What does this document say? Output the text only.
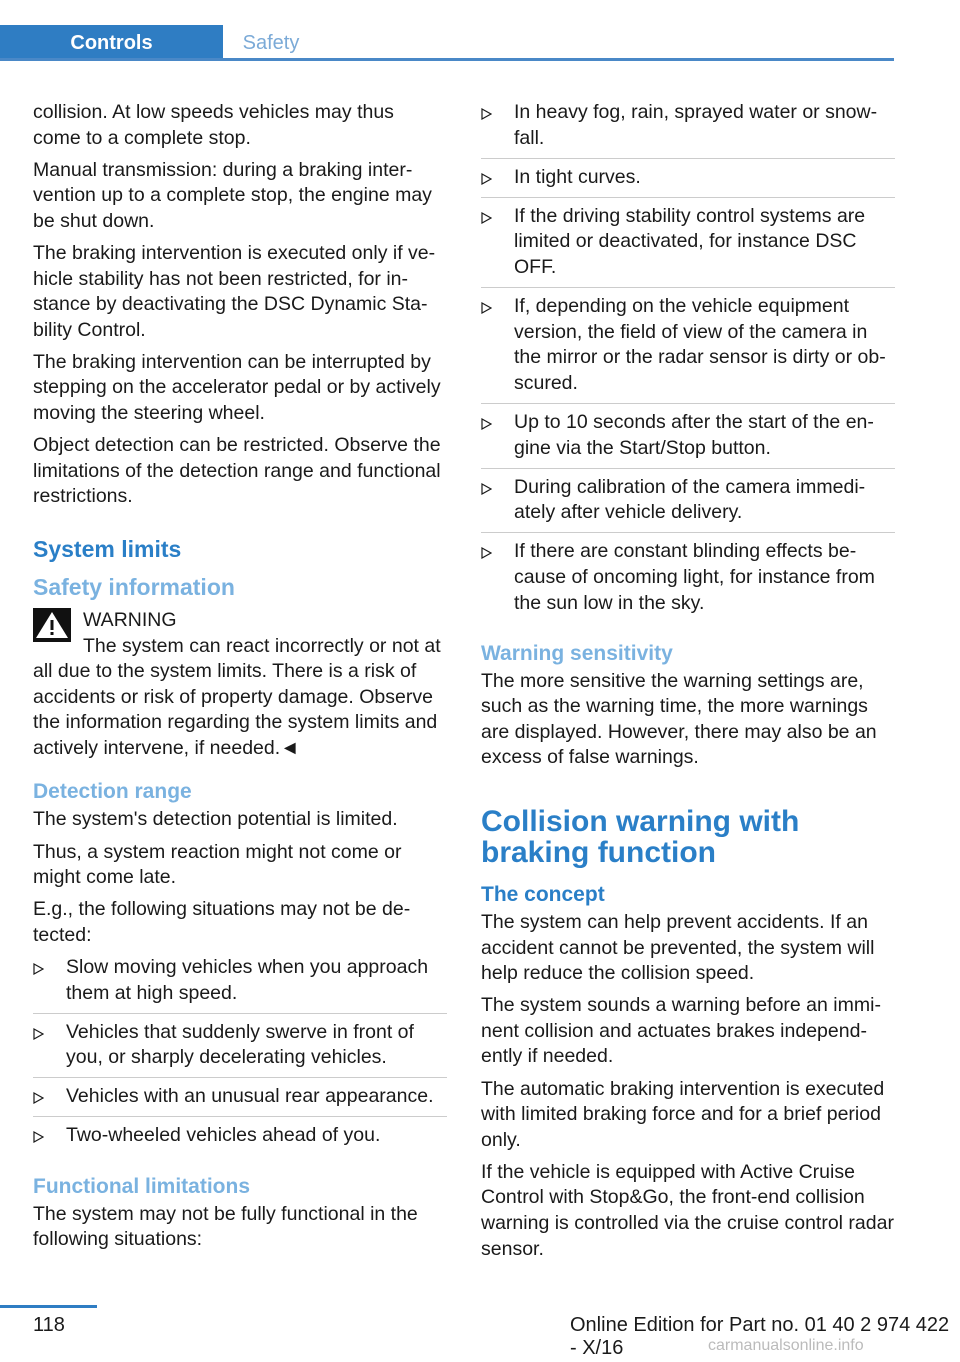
Controls	Safety

collision. At low speeds vehicles may thus come to a complete stop.

Manual transmission: during a braking intervention up to a complete stop, the engine may be shut down.

The braking intervention is executed only if vehicle stability has not been restricted, for instance by deactivating the DSC Dynamic Stability Control.

The braking intervention can be interrupted by stepping on the accelerator pedal or by actively moving the steering wheel.

Object detection can be restricted. Observe the limitations of the detection range and functional restrictions.

System limits
Safety information
WARNING
The system can react incorrectly or not at all due to the system limits. There is a risk of accidents or risk of property damage. Observe the information regarding the system limits and actively intervene, if needed.◄
Detection range

The system's detection potential is limited.

Thus, a system reaction might not come or might come late.

E.g., the following situations may not be detected:

Slow moving vehicles when you approach them at high speed.
Vehicles that suddenly swerve in front of you, or sharply decelerating vehicles.
Vehicles with an unusual rear appearance.
Two-wheeled vehicles ahead of you.
Functional limitations

The system may not be fully functional in the following situations:

In heavy fog, rain, sprayed water or snowfall.
In tight curves.
If the driving stability control systems are limited or deactivated, for instance DSC OFF.
If, depending on the vehicle equipment version, the field of view of the camera in the mirror or the radar sensor is dirty or obscured.
Up to 10 seconds after the start of the engine via the Start/Stop button.
During calibration of the camera immediately after vehicle delivery.
If there are constant blinding effects because of oncoming light, for instance from the sun low in the sky.
Warning sensitivity

The more sensitive the warning settings are, such as the warning time, the more warnings are displayed. However, there may also be an excess of false warnings.

Collision warning with braking function
The concept

The system can help prevent accidents. If an accident cannot be prevented, the system will help reduce the collision speed.

The system sounds a warning before an imminent collision and actuates brakes independently if needed.

The automatic braking intervention is executed with limited braking force and for a brief period only.

If the vehicle is equipped with Active Cruise Control with Stop&Go, the front-end collision warning is controlled via the cruise control radar sensor.

118	Online Edition for Part no. 01 40 2 974 422 - X/16	carmanualsonline.info
